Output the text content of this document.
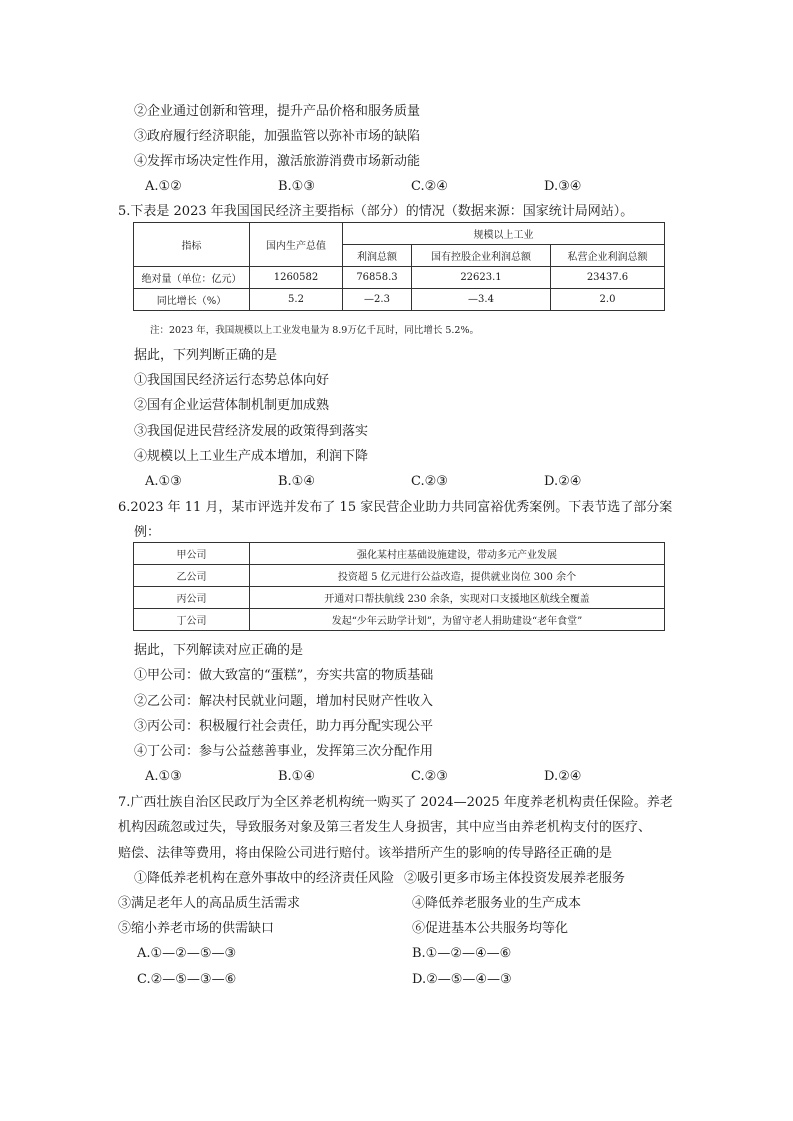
②企业通过创新和管理，提升产品价格和服务质量
③政府履行经济职能，加强监管以弥补市场的缺陷
④发挥市场决定性作用，激活旅游消费市场新动能
A.①②	B.①③	C.②④	D.③④
5.下表是 2023 年我国国民经济主要指标（部分）的情况（数据来源：国家统计局网站）。
指标	国内生产总值	规模以上工业		
		利润总额	国有控股企业利润总额	私营企业利润总额
绝对量（单位：亿元）	1260582	76858.3	22623.1	23437.6
同比增长（%）	5.2	—2.3	—3.4	2.0
注：2023 年，我国规模以上工业发电量为 8.9万亿千瓦时，同比增长 5.2%。
据此，下列判断正确的是
①我国国民经济运行态势总体向好
②国有企业运营体制机制更加成熟
③我国促进民营经济发展的政策得到落实
④规模以上工业生产成本增加，利润下降
A.①③	B.①④	C.②③	D.②④
6.2023 年 11 月，某市评选并发布了 15 家民营企业助力共同富裕优秀案例。下表节选了部分案
例：
甲公司	强化某村庄基础设施建设，带动多元产业发展
乙公司	投资超 5 亿元进行公益改造，提供就业岗位 300 余个
丙公司	开通对口帮扶航线 230 余条，实现对口支援地区航线全覆盖
丁公司	发起“少年云助学计划”，为留守老人捐助建设“老年食堂”
据此，下列解读对应正确的是
①甲公司：做大致富的“蛋糕”，夯实共富的物质基础
②乙公司：解决村民就业问题，增加村民财产性收入
③丙公司：积极履行社会责任，助力再分配实现公平
④丁公司：参与公益慈善事业，发挥第三次分配作用
A.①③	B.①④	C.②③	D.②④
7.广西壮族自治区民政厅为全区养老机构统一购买了 2024—2025 年度养老机构责任保险。养老
机构因疏忽或过失，导致服务对象及第三者发生人身损害，其中应当由养老机构支付的医疗、
赔偿、法律等费用，将由保险公司进行赔付。该举措所产生的影响的传导路径正确的是
①降低养老机构在意外事故中的经济责任风险 ②吸引更多市场主体投资发展养老服务
③满足老年人的高品质生活需求	④降低养老服务业的生产成本
⑤缩小养老市场的供需缺口	⑥促进基本公共服务均等化
A.①—②—⑤—③	B.①—②—④—⑥
C.②—⑤—③—⑥	D.②—⑤—④—③
